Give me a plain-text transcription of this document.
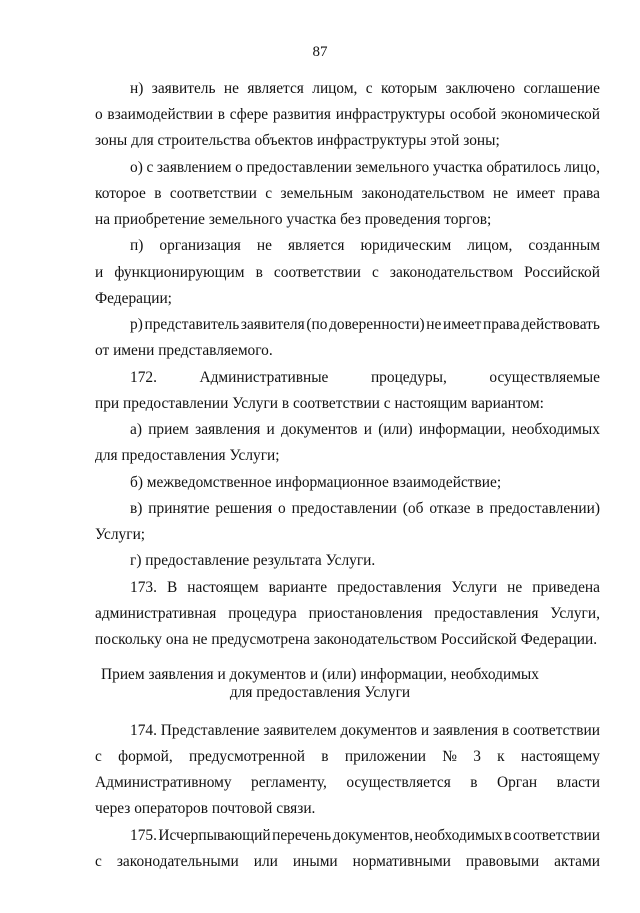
87
н) заявитель не является лицом, с которым заключено соглашение
о взаимодействии в сфере развития инфраструктуры особой экономической
зоны для строительства объектов инфраструктуры этой зоны;
о) с заявлением о предоставлении земельного участка обратилось лицо,
которое в соответствии с земельным законодательством не имеет права
на приобретение земельного участка без проведения торгов;
п) организация не является юридическим лицом, созданным
и функционирующим в соответствии с законодательством Российской
Федерации;
р) представитель заявителя (по доверенности) не имеет права действовать
от имени представляемого.
172.	Административные	процедуры,	осуществляемые
при предоставлении Услуги в соответствии с настоящим вариантом:
а) прием заявления и документов и (или) информации, необходимых
для предоставления Услуги;
б) межведомственное информационное взаимодействие;
в) принятие решения о предоставлении (об отказе в предоставлении)
Услуги;
г) предоставление результата Услуги.
173. В настоящем варианте предоставления Услуги не приведена
административная процедура приостановления предоставления Услуги,
поскольку она не предусмотрена законодательством Российской Федерации.
174. Представление заявителем документов и заявления в соответствии
с формой, предусмотренной в приложении № 3 к настоящему
Административному регламенту, осуществляется в Орган власти
через операторов почтовой связи.
175. Исчерпывающий перечень документов, необходимых в соответствии
с законодательными или иными нормативными правовыми актами
Прием заявления и документов и (или) информации, необходимых
для предоставления Услуги
